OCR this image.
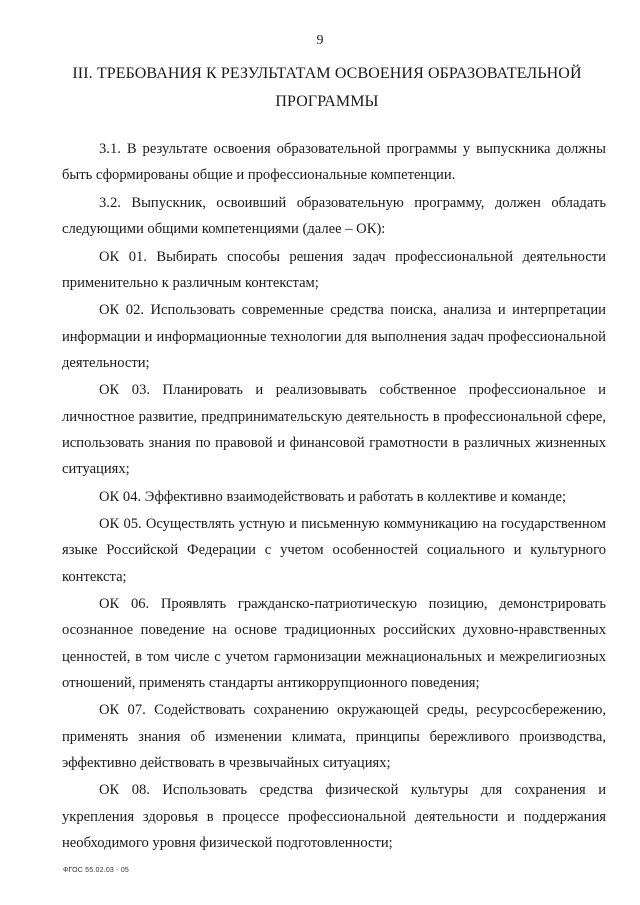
9
III. ТРЕБОВАНИЯ К РЕЗУЛЬТАТАМ ОСВОЕНИЯ ОБРАЗОВАТЕЛЬНОЙ
ПРОГРАММЫ

3.1. В результате освоения образовательной программы у выпускника должны быть сформированы общие и профессиональные компетенции.

3.2. Выпускник, освоивший образовательную программу, должен обладать следующими общими компетенциями (далее – ОК):

ОК 01. Выбирать способы решения задач профессиональной деятельности применительно к различным контекстам;

ОК 02. Использовать современные средства поиска, анализа и интерпретации информации и информационные технологии для выполнения задач профессиональной деятельности;

ОК 03. Планировать и реализовывать собственное профессиональное и личностное развитие, предпринимательскую деятельность в профессиональной сфере, использовать знания по правовой и финансовой грамотности в различных жизненных ситуациях;

ОК 04. Эффективно взаимодействовать и работать в коллективе и команде;

ОК 05. Осуществлять устную и письменную коммуникацию на государственном языке Российской Федерации с учетом особенностей социального и культурного контекста;

ОК 06. Проявлять гражданско-патриотическую позицию, демонстрировать осознанное поведение на основе традиционных российских духовно-нравственных ценностей, в том числе с учетом гармонизации межнациональных и межрелигиозных отношений, применять стандарты антикоррупционного поведения;

ОК 07. Содействовать сохранению окружающей среды, ресурсосбережению, применять знания об изменении климата, принципы бережливого производства, эффективно действовать в чрезвычайных ситуациях;

ОК 08. Использовать средства физической культуры для сохранения и укрепления здоровья в процессе профессиональной деятельности и поддержания необходимого уровня физической подготовленности;

ФГОС 55.02.03 - 05
